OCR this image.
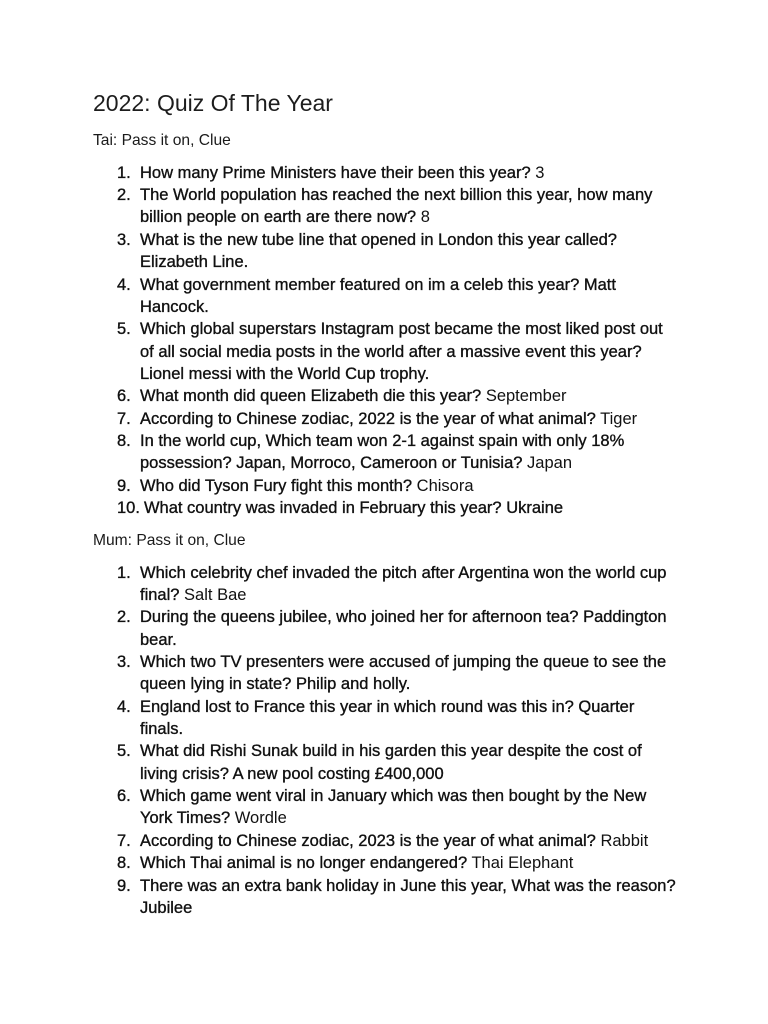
2022: Quiz Of The Year

Tai: Pass it on, Clue

1. How many Prime Ministers have their been this year? 3
2. The World population has reached the next billion this year, how many billion people on earth are there now? 8
3. What is the new tube line that opened in London this year called? Elizabeth Line.
4. What government member featured on im a celeb this year? Matt Hancock.
5. Which global superstars Instagram post became the most liked post out of all social media posts in the world after a massive event this year? Lionel messi with the World Cup trophy.
6. What month did queen Elizabeth die this year? September
7. According to Chinese zodiac, 2022 is the year of what animal? Tiger
8. In the world cup, Which team won 2-1 against spain with only 18% possession? Japan, Morroco, Cameroon or Tunisia? Japan
9. Who did Tyson Fury fight this month? Chisora
10. What country was invaded in February this year? Ukraine

Mum: Pass it on, Clue

1. Which celebrity chef invaded the pitch after Argentina won the world cup final? Salt Bae
2. During the queens jubilee, who joined her for afternoon tea? Paddington bear.
3. Which two TV presenters were accused of jumping the queue to see the queen lying in state? Philip and holly.
4. England lost to France this year in which round was this in? Quarter finals.
5. What did Rishi Sunak build in his garden this year despite the cost of living crisis? A new pool costing £400,000
6. Which game went viral in January which was then bought by the New York Times? Wordle
7. According to Chinese zodiac, 2023 is the year of what animal? Rabbit
8. Which Thai animal is no longer endangered? Thai Elephant
9. There was an extra bank holiday in June this year, What was the reason? Jubilee
